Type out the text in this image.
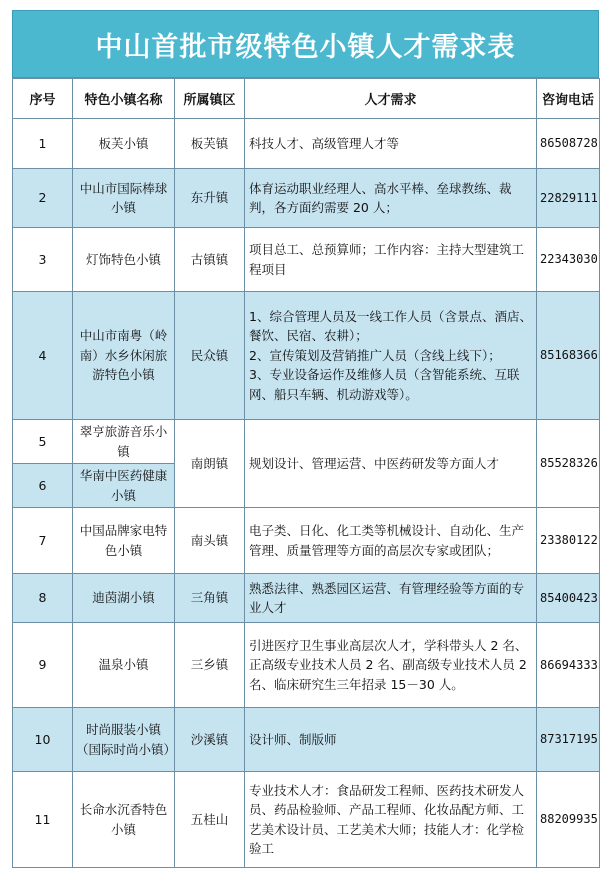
中山首批市级特色小镇人才需求表
序号	特色小镇名称	所属镇区	人才需求	咨询电话
1	板芙小镇	板芙镇	科技人才、高级管理人才等	86508728
2	中山市国际棒球小镇	东升镇	体育运动职业经理人、高水平棒、垒球教练、裁判，各方面约需要 20 人；	22829111
3	灯饰特色小镇	古镇镇	项目总工、总预算师；工作内容：主持大型建筑工程项目	22343030
4	中山市南粤（岭南）水乡休闲旅游特色小镇	民众镇	1、综合管理人员及一线工作人员（含景点、酒店、餐饮、民宿、农耕）；
2、宣传策划及营销推广人员（含线上线下）；
3、专业设备运作及维修人员（含智能系统、互联网、船只车辆、机动游戏等）。	85168366
5	翠亨旅游音乐小镇	南朗镇	规划设计、管理运营、中医药研发等方面人才	85528326
6	华南中医药健康小镇			
7	中国品牌家电特色小镇	南头镇	电子类、日化、化工类等机械设计、自动化、生产管理、质量管理等方面的高层次专家或团队；	23380122
8	迪茵湖小镇	三角镇	熟悉法律、熟悉园区运营、有管理经验等方面的专业人才	85400423
9	温泉小镇	三乡镇	引进医疗卫生事业高层次人才，学科带头人 2 名、正高级专业技术人员 2 名、副高级专业技术人员 2 名、临床研究生三年招录 15－30 人。	86694333
10	时尚服装小镇（国际时尚小镇）	沙溪镇	设计师、制版师	87317195
11	长命水沉香特色小镇	五桂山	专业技术人才：食品研发工程师、医药技术研发人员、药品检验师、产品工程师、化妆品配方师、工艺美术设计员、工艺美术大师；技能人才：化学检验工	88209935
